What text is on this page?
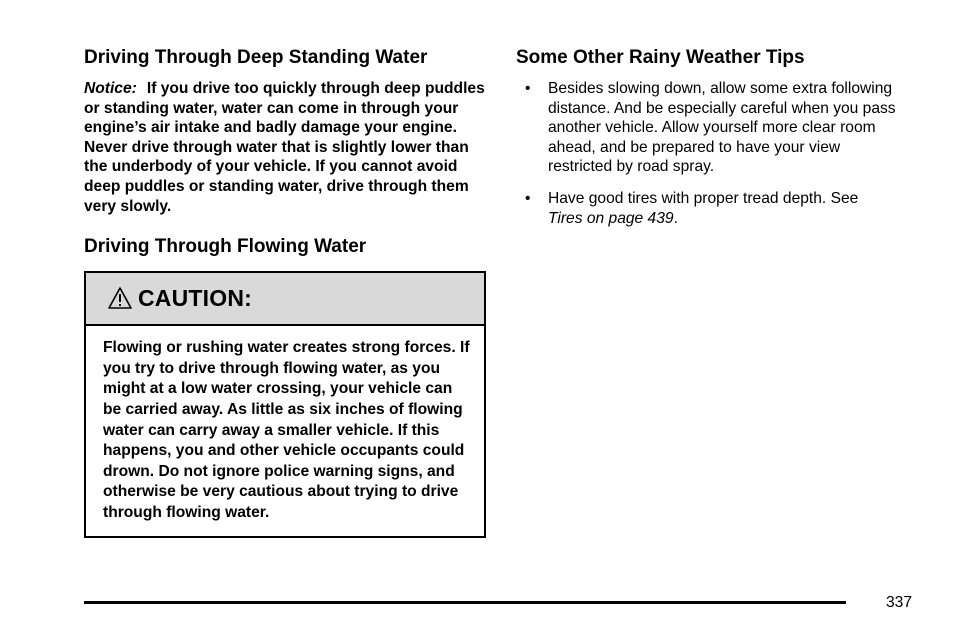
Driving Through Deep Standing Water

Notice: If you drive too quickly through deep puddles or standing water, water can come in through your engine’s air intake and badly damage your engine. Never drive through water that is slightly lower than the underbody of your vehicle. If you cannot avoid deep puddles or standing water, drive through them very slowly.

Driving Through Flowing Water
CAUTION:
Flowing or rushing water creates strong forces. If you try to drive through flowing water, as you might at a low water crossing, your vehicle can be carried away. As little as six inches of flowing water can carry away a smaller vehicle. If this happens, you and other vehicle occupants could drown. Do not ignore police warning signs, and otherwise be very cautious about trying to drive through flowing water.
Some Other Rainy Weather Tips
• Besides slowing down, allow some extra following distance. And be especially careful when you pass another vehicle. Allow yourself more clear room ahead, and be prepared to have your view restricted by road spray.
• Have good tires with proper tread depth. See Tires on page 439.
337
